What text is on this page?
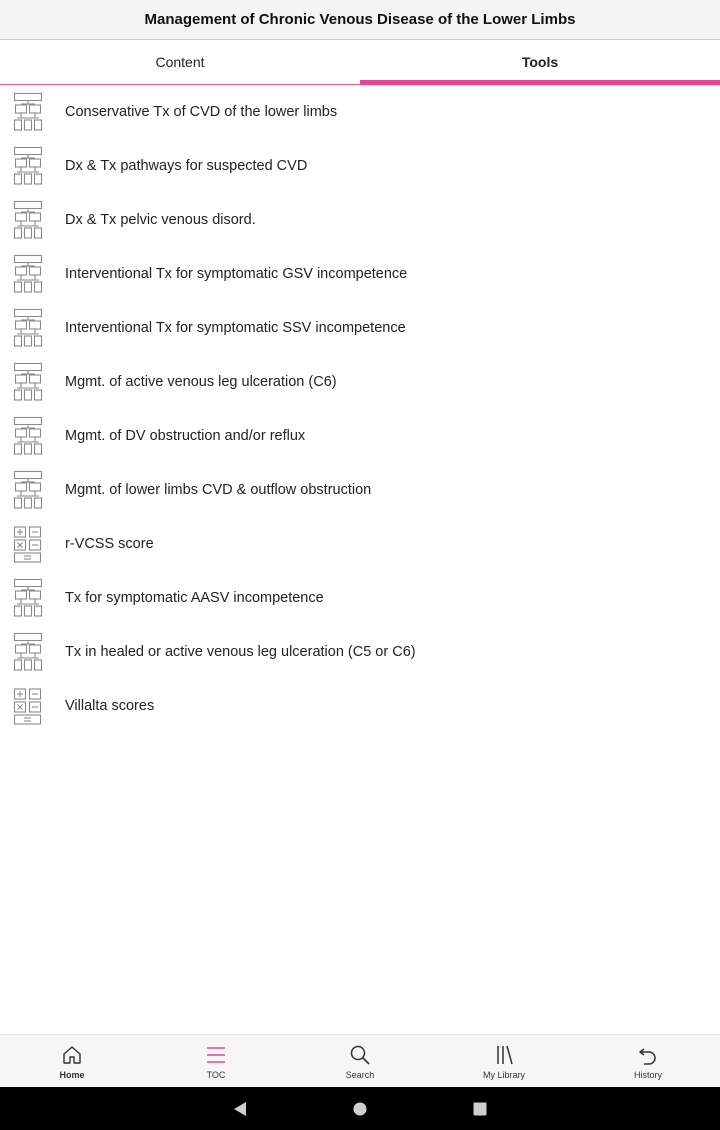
Management of Chronic Venous Disease of the Lower Limbs
Content	Tools
Conservative Tx of CVD of the lower limbs
Dx & Tx pathways for suspected CVD
Dx & Tx pelvic venous disord.
Interventional Tx for symptomatic GSV incompetence
Interventional Tx for symptomatic SSV incompetence
Mgmt. of active venous leg ulceration (C6)
Mgmt. of DV obstruction and/or reflux
Mgmt. of lower limbs CVD & outflow obstruction
r-VCSS score
Tx for symptomatic AASV incompetence
Tx in healed or active venous leg ulceration (C5 or C6)
Villalta scores
Home	TOC	Search	My Library	History
